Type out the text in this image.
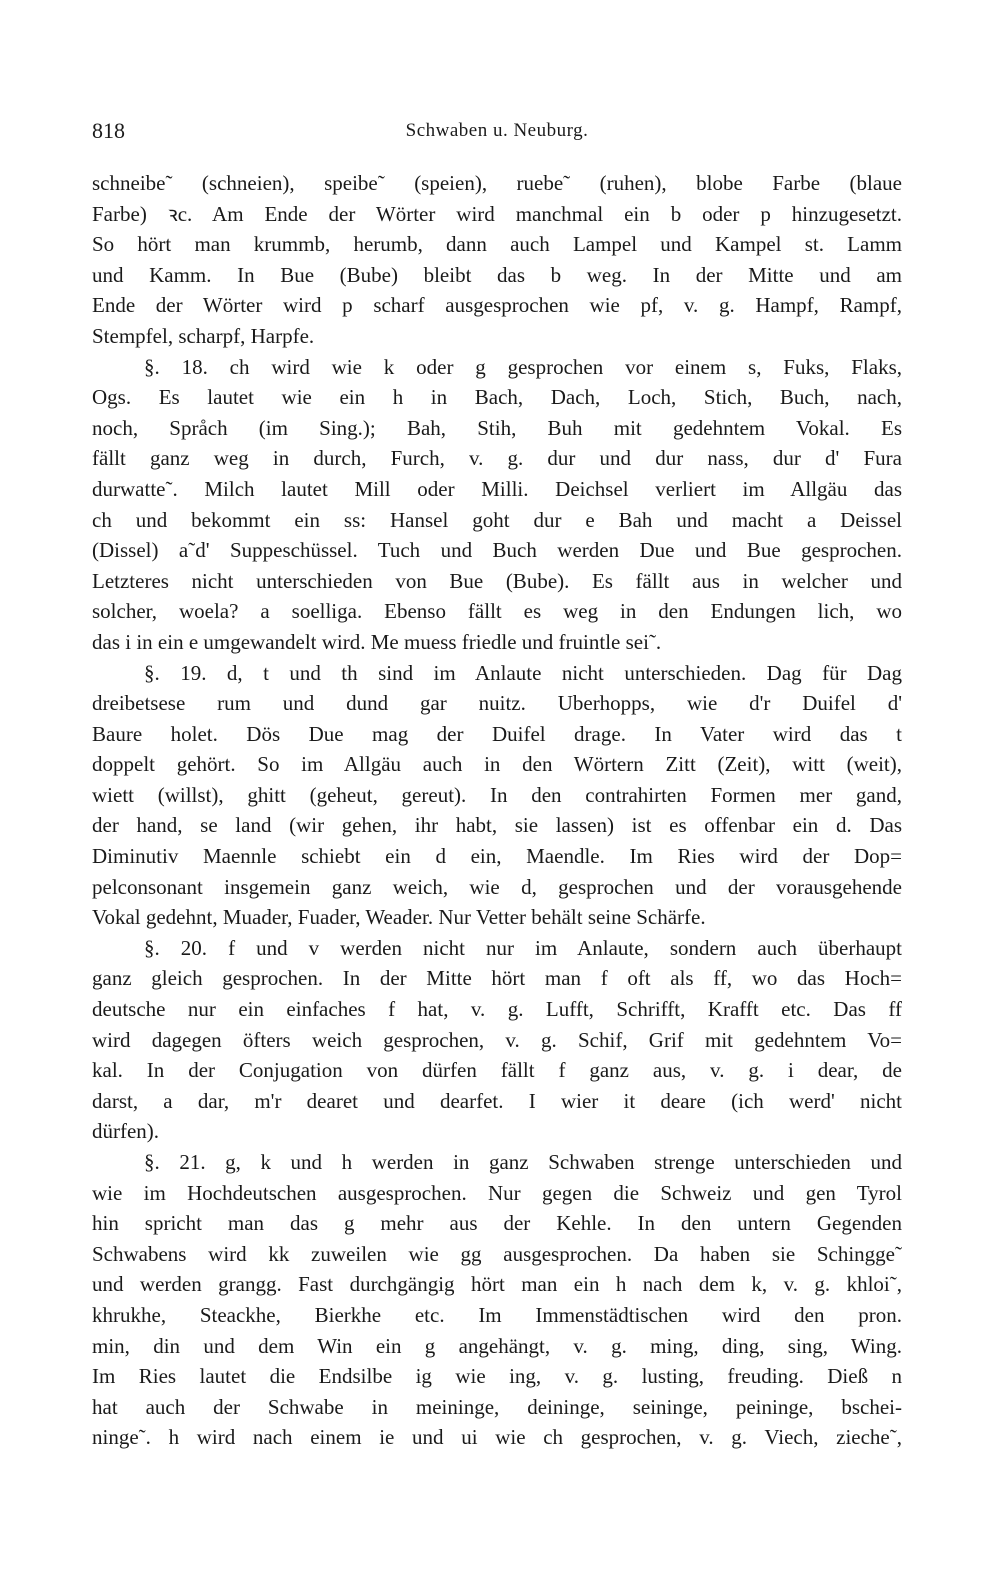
818	Schwaben u. Neuburg.
schneibe˜ (schneien), speibe˜ (speien), ruebe˜ (ruhen), blobe Farbe (blaue
Farbe) ꝛc. Am Ende der Wörter wird manchmal ein b oder p hinzugesetzt.
So hört man krummb, herumb, dann auch Lampel und Kampel st. Lamm
und Kamm. In Bue (Bube) bleibt das b weg. In der Mitte und am
Ende der Wörter wird p scharf ausgesprochen wie pf, v. g. Hampf, Rampf,
Stempfel, scharpf, Harpfe.
§. 18. ch wird wie k oder g gesprochen vor einem s, Fuks, Flaks,
Ogs. Es lautet wie ein h in Bach, Dach, Loch, Stich, Buch, nach,
noch, Språch (im Sing.); Bah, Stih, Buh mit gedehntem Vokal. Es
fällt ganz weg in durch, Furch, v. g. dur und dur nass, dur d' Fura
durwatte˜. Milch lautet Mill oder Milli. Deichsel verliert im Allgäu das
ch und bekommt ein ss: Hansel goht dur e Bah und macht a Deissel
(Dissel) a˜d' Suppeschüssel. Tuch und Buch werden Due und Bue gesprochen.
Letzteres nicht unterschieden von Bue (Bube). Es fällt aus in welcher und
solcher, woela? a soelliga. Ebenso fällt es weg in den Endungen lich, wo
das i in ein e umgewandelt wird. Me muess friedle und fruintle sei˜.
§. 19. d, t und th sind im Anlaute nicht unterschieden. Dag für Dag
dreibetsese rum und dund gar nuitz. Uberhopps, wie d'r Duifel d'
Baure holet. Dös Due mag der Duifel drage. In Vater wird das t
doppelt gehört. So im Allgäu auch in den Wörtern Zitt (Zeit), witt (weit),
wiett (willst), ghitt (geheut, gereut). In den contrahirten Formen mer gand,
der hand, se land (wir gehen, ihr habt, sie lassen) ist es offenbar ein d. Das
Diminutiv Maennle schiebt ein d ein, Maendle. Im Ries wird der Dop=
pelconsonant insgemein ganz weich, wie d, gesprochen und der vorausgehende
Vokal gedehnt, Muader, Fuader, Weader. Nur Vetter behält seine Schärfe.
§. 20. f und v werden nicht nur im Anlaute, sondern auch überhaupt
ganz gleich gesprochen. In der Mitte hört man f oft als ff, wo das Hoch=
deutsche nur ein einfaches f hat, v. g. Lufft, Schrifft, Krafft etc. Das ff
wird dagegen öfters weich gesprochen, v. g. Schif, Grif mit gedehntem Vo=
kal. In der Conjugation von dürfen fällt f ganz aus, v. g. i dear, de
darst, a dar, m'r dearet und dearfet. I wier it deare (ich werd' nicht
dürfen).
§. 21. g, k und h werden in ganz Schwaben strenge unterschieden und
wie im Hochdeutschen ausgesprochen. Nur gegen die Schweiz und gen Tyrol
hin spricht man das g mehr aus der Kehle. In den untern Gegenden
Schwabens wird kk zuweilen wie gg ausgesprochen. Da haben sie Schingge˜
und werden grangg. Fast durchgängig hört man ein h nach dem k, v. g. khloi˜,
khrukhe, Steackhe, Bierkhe etc. Im Immenstädtischen wird den pron.
min, din und dem Win ein g angehängt, v. g. ming, ding, sing, Wing.
Im Ries lautet die Endsilbe ig wie ing, v. g. lusting, freuding. Dieß n
hat auch der Schwabe in meininge, deininge, seininge, peininge, bschei-
ninge˜. h wird nach einem ie und ui wie ch gesprochen, v. g. Viech, zieche˜,
